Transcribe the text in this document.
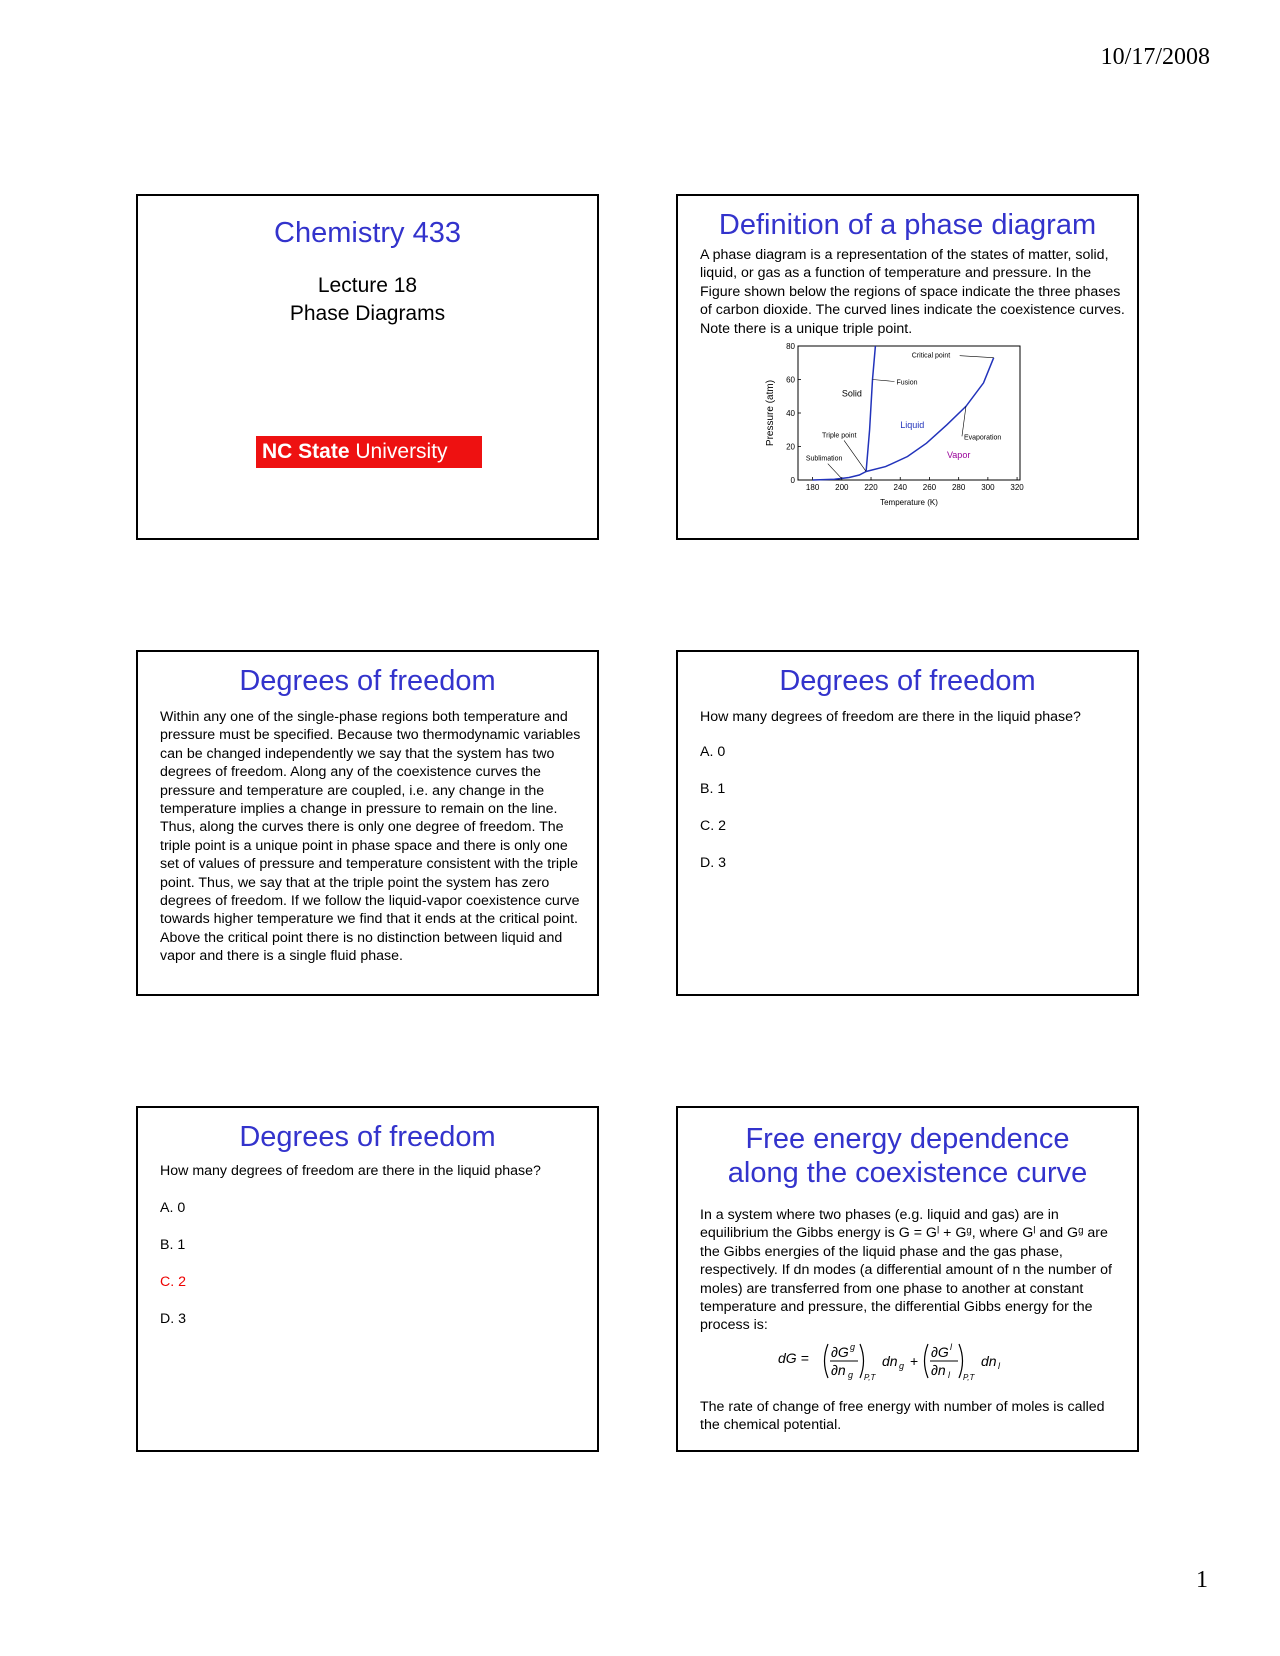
10/17/2008
Chemistry 433
Lecture 18
Phase Diagrams
NC State University
Definition of a phase diagram
A phase diagram is a representation of the states of matter, solid, liquid, or gas as a function of temperature and pressure. In the Figure shown below the regions of space indicate the three phases of carbon dioxide. The curved lines indicate the coexistence curves. Note there is a unique triple point.
180 200 220 240 260 280 300 320
0
20
40
60
80
Temperature (K)
Pressure (atm)	Solid
Liquid
Vapor
Critical point
Fusion
Triple point
Sublimation
Evaporation
Degrees of freedom
Within any one of the single-phase regions both temperature and pressure must be specified. Because two thermodynamic variables can be changed independently we say that the system has two degrees of freedom. Along any of the coexistence curves the pressure and temperature are coupled, i.e. any change in the temperature implies a change in pressure to remain on the line. Thus, along the curves there is only one degree of freedom. The triple point is a unique point in phase space and there is only one set of values of pressure and temperature consistent with the triple point. Thus, we say that at the triple point the system has zero degrees of freedom. If we follow the liquid-vapor coexistence curve towards higher temperature we find that it ends at the critical point. Above the critical point there is no distinction between liquid and vapor and there is a single fluid phase.
Degrees of freedom
How many degrees of freedom are there in the liquid phase?
A. 0
B. 1
C. 2
D. 3
Degrees of freedom
How many degrees of freedom are there in the liquid phase?
A. 0
B. 1
C. 2
D. 3
Free energy dependence
along the coexistence curve
In a system where two phases (e.g. liquid and gas) are in equilibrium the Gibbs energy is G = Gˡ + Gᵍ, where Gˡ and Gᵍ are the Gibbs energies of the liquid phase and the gas phase, respectively. If dn modes (a differential amount of n the number of moles) are transferred from one phase to another at constant temperature and pressure, the differential Gibbs energy for the process is:
dG = ∂G g
∂n g P,T
dn g +
∂G l
∂n l P,T
dn l
The rate of change of free energy with number of moles is called the chemical potential.
1
